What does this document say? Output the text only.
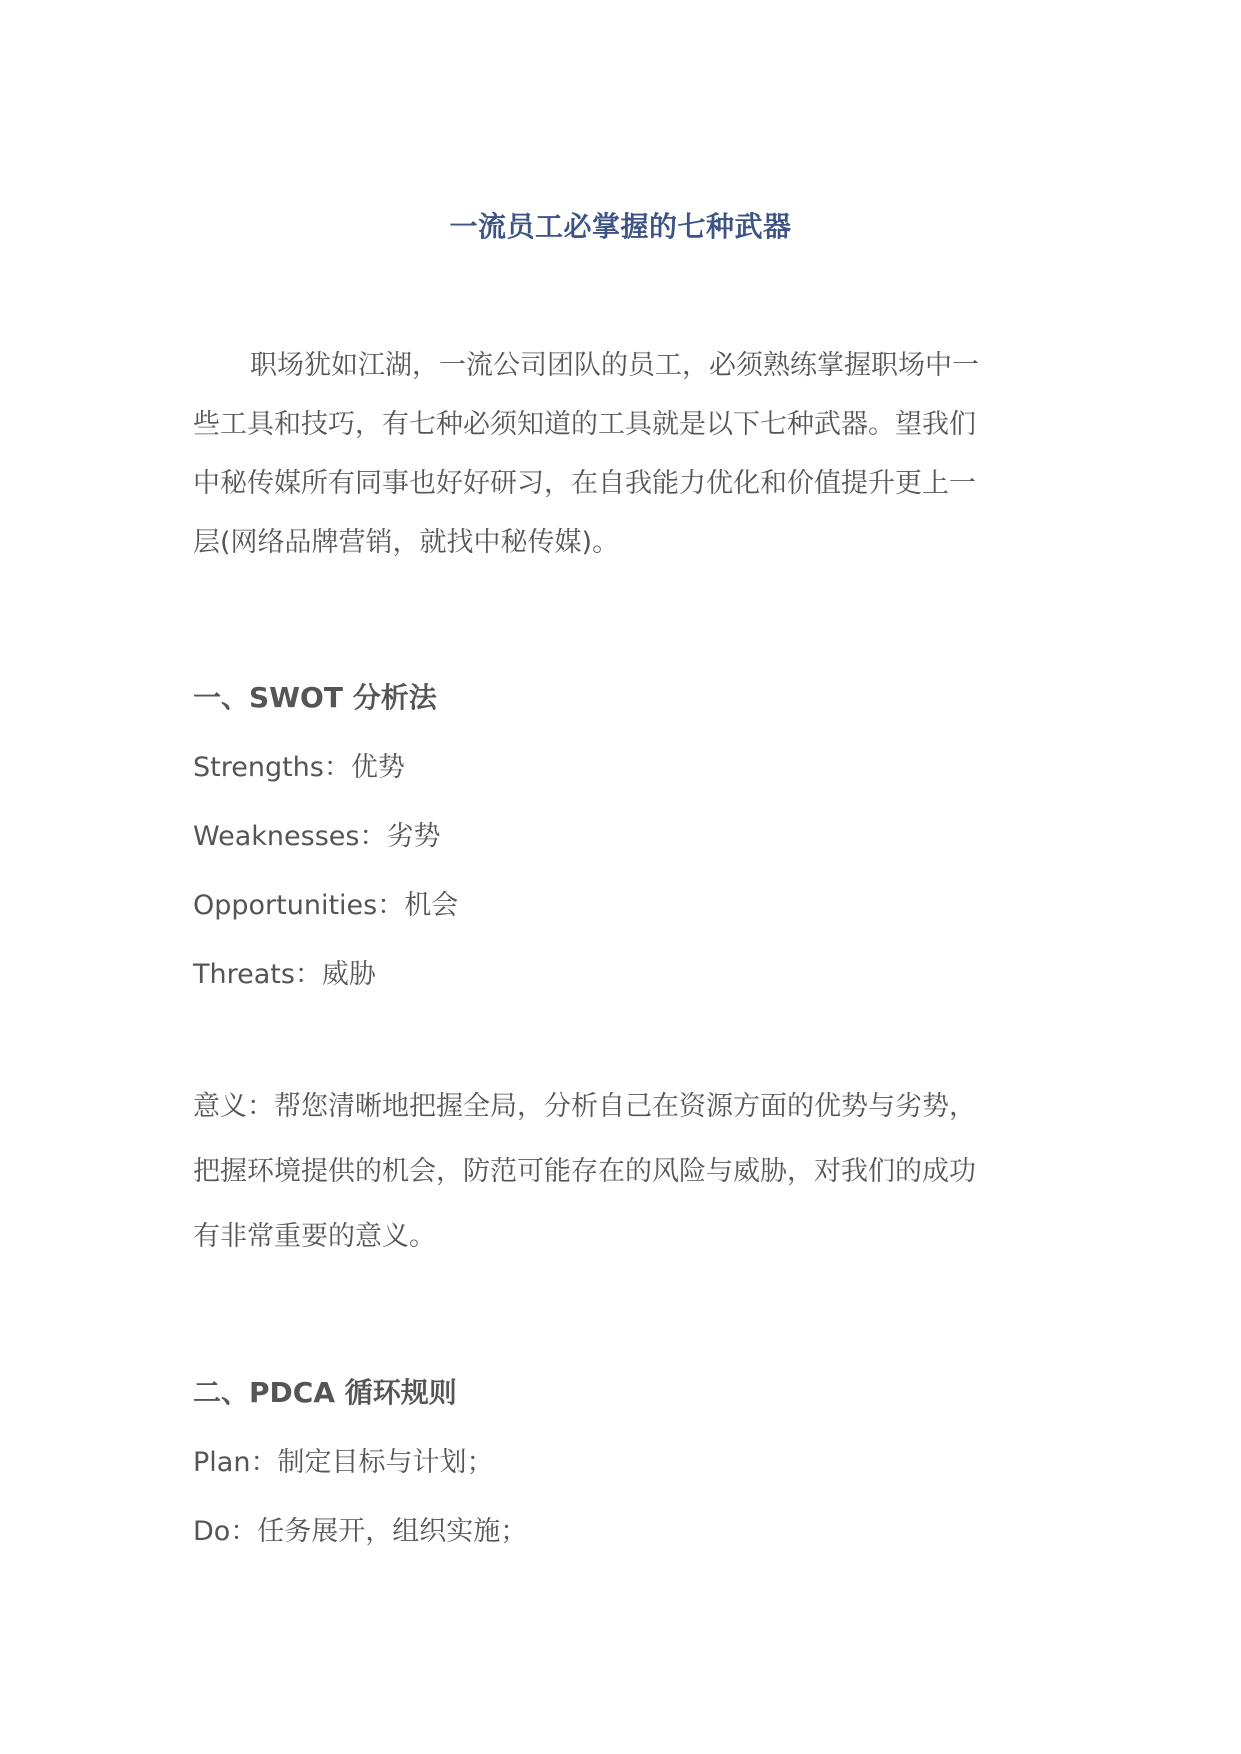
一流员工必掌握的七种武器
职场犹如江湖，一流公司团队的员工，必须熟练掌握职场中一
些工具和技巧，有七种必须知道的工具就是以下七种武器。望我们
中秘传媒所有同事也好好研习，在自我能力优化和价值提升更上一
层(网络品牌营销，就找中秘传媒)。
一、SWOT 分析法
Strengths：优势
Weaknesses：劣势
Opportunities：机会
Threats：威胁
意义：帮您清晰地把握全局，分析自己在资源方面的优势与劣势，
把握环境提供的机会，防范可能存在的风险与威胁，对我们的成功
有非常重要的意义。
二、PDCA 循环规则
Plan：制定目标与计划；
Do：任务展开，组织实施；
